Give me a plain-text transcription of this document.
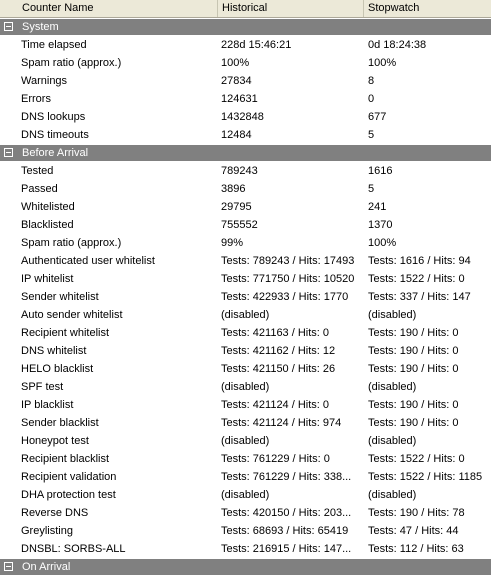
Counter Name	Historical	Stopwatch
System
Time elapsed	228d 15:46:21	0d 18:24:38
Spam ratio (approx.)	100%	100%
Warnings	27834	8
Errors	124631	0
DNS lookups	1432848	677
DNS timeouts	12484	5
Before Arrival
Tested	789243	1616
Passed	3896	5
Whitelisted	29795	241
Blacklisted	755552	1370
Spam ratio (approx.)	99%	100%
Authenticated user whitelist	Tests: 789243 / Hits: 17493	Tests: 1616 / Hits: 94
IP whitelist	Tests: 771750 / Hits: 10520	Tests: 1522 / Hits: 0
Sender whitelist	Tests: 422933 / Hits: 1770	Tests: 337 / Hits: 147
Auto sender whitelist	(disabled)	(disabled)
Recipient whitelist	Tests: 421163 / Hits: 0	Tests: 190 / Hits: 0
DNS whitelist	Tests: 421162 / Hits: 12	Tests: 190 / Hits: 0
HELO blacklist	Tests: 421150 / Hits: 26	Tests: 190 / Hits: 0
SPF test	(disabled)	(disabled)
IP blacklist	Tests: 421124 / Hits: 0	Tests: 190 / Hits: 0
Sender blacklist	Tests: 421124 / Hits: 974	Tests: 190 / Hits: 0
Honeypot test	(disabled)	(disabled)
Recipient blacklist	Tests: 761229 / Hits: 0	Tests: 1522 / Hits: 0
Recipient validation	Tests: 761229 / Hits: 338...	Tests: 1522 / Hits: 1185
DHA protection test	(disabled)	(disabled)
Reverse DNS	Tests: 420150 / Hits: 203...	Tests: 190 / Hits: 78
Greylisting	Tests: 68693 / Hits: 65419	Tests: 47 / Hits: 44
DNSBL: SORBS-ALL	Tests: 216915 / Hits: 147...	Tests: 112 / Hits: 63
On Arrival
